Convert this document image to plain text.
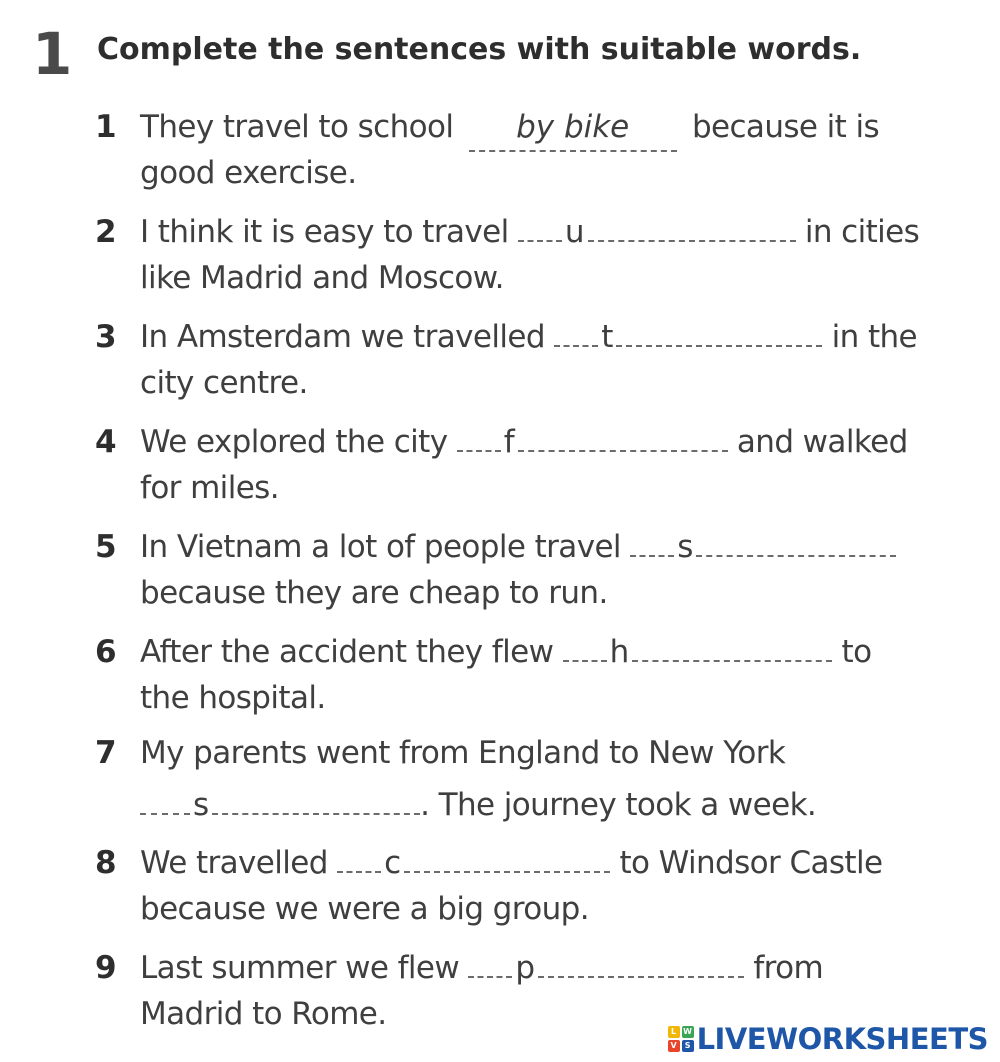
1 Complete the sentences with suitable words.
1 They travel to school by bike because it is
good exercise.
2 I think it is easy to travel u	in cities
like Madrid and Moscow.
3 In Amsterdam we travelled t	in the
city centre.
4 We explored the city f	and walked
for miles.
5 In Vietnam a lot of people travel s
because they are cheap to run.
6 After the accident they flew h	to
the hospital.
7 My parents went from England to New York
s	. The journey took a week.
8 We travelled c	to Windsor Castle
because we were a big group.
9 Last summer we flew p	from
Madrid to Rome.	L W
V	S LIVEWORKSHEETS
